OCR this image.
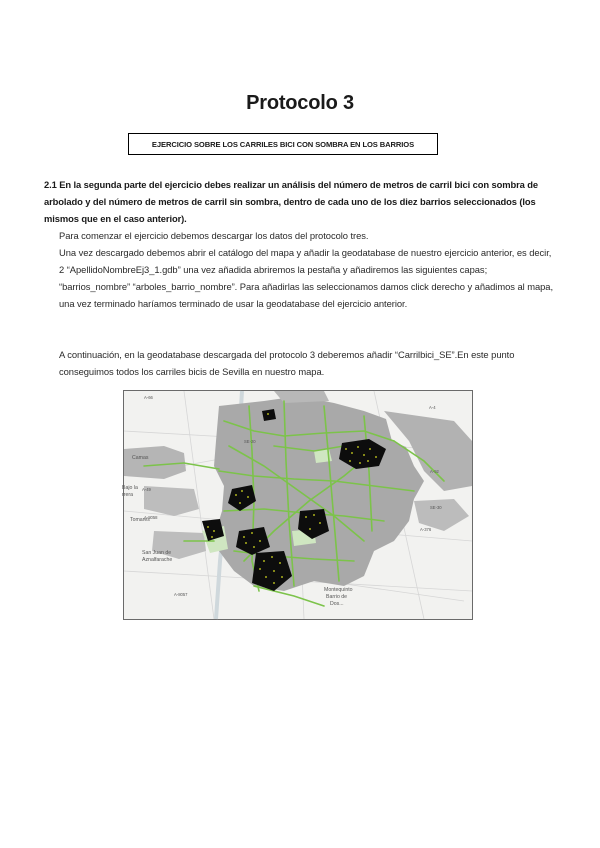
Protocolo 3
EJERCICIO SOBRE LOS CARRILES BICI CON SOMBRA EN LOS BARRIOS
2.1 En la segunda parte del ejercicio debes realizar un análisis del número de metros de carril bici con sombra de arbolado y del número de metros de carril sin sombra, dentro de cada uno de los diez barrios seleccionados (los mismos que en el caso anterior).
Para comenzar el ejercicio debemos descargar los datos del protocolo tres.
Una vez descargado debemos abrir el catálogo del mapa y añadir la geodatabase de nuestro ejercicio anterior, es decir, 2 “ApellidoNombreEj3_1.gdb” una vez añadida abriremos la pestaña y añadiremos las siguientes capas; “barrios_nombre” “arboles_barrio_nombre”. Para añadirlas las seleccionamos damos click derecho y añadimos al mapa, una vez terminado haríamos terminado de usar la geodatabase del ejercicio anterior.
A continuación, en la geodatabase descargada del protocolo 3 deberemos añadir “Carrilbici_SE”.En este punto conseguimos todos los carriles bicis de Sevilla en nuestro mapa.
A-66
SE-20
A-4
A-49
SE-30
A-8058
A-376
A-92
A-8057
Camas
Bajo la
rrera
Tomares
San Juan de
Aznalfarache
Montequinto
Barrio de
Dos...
